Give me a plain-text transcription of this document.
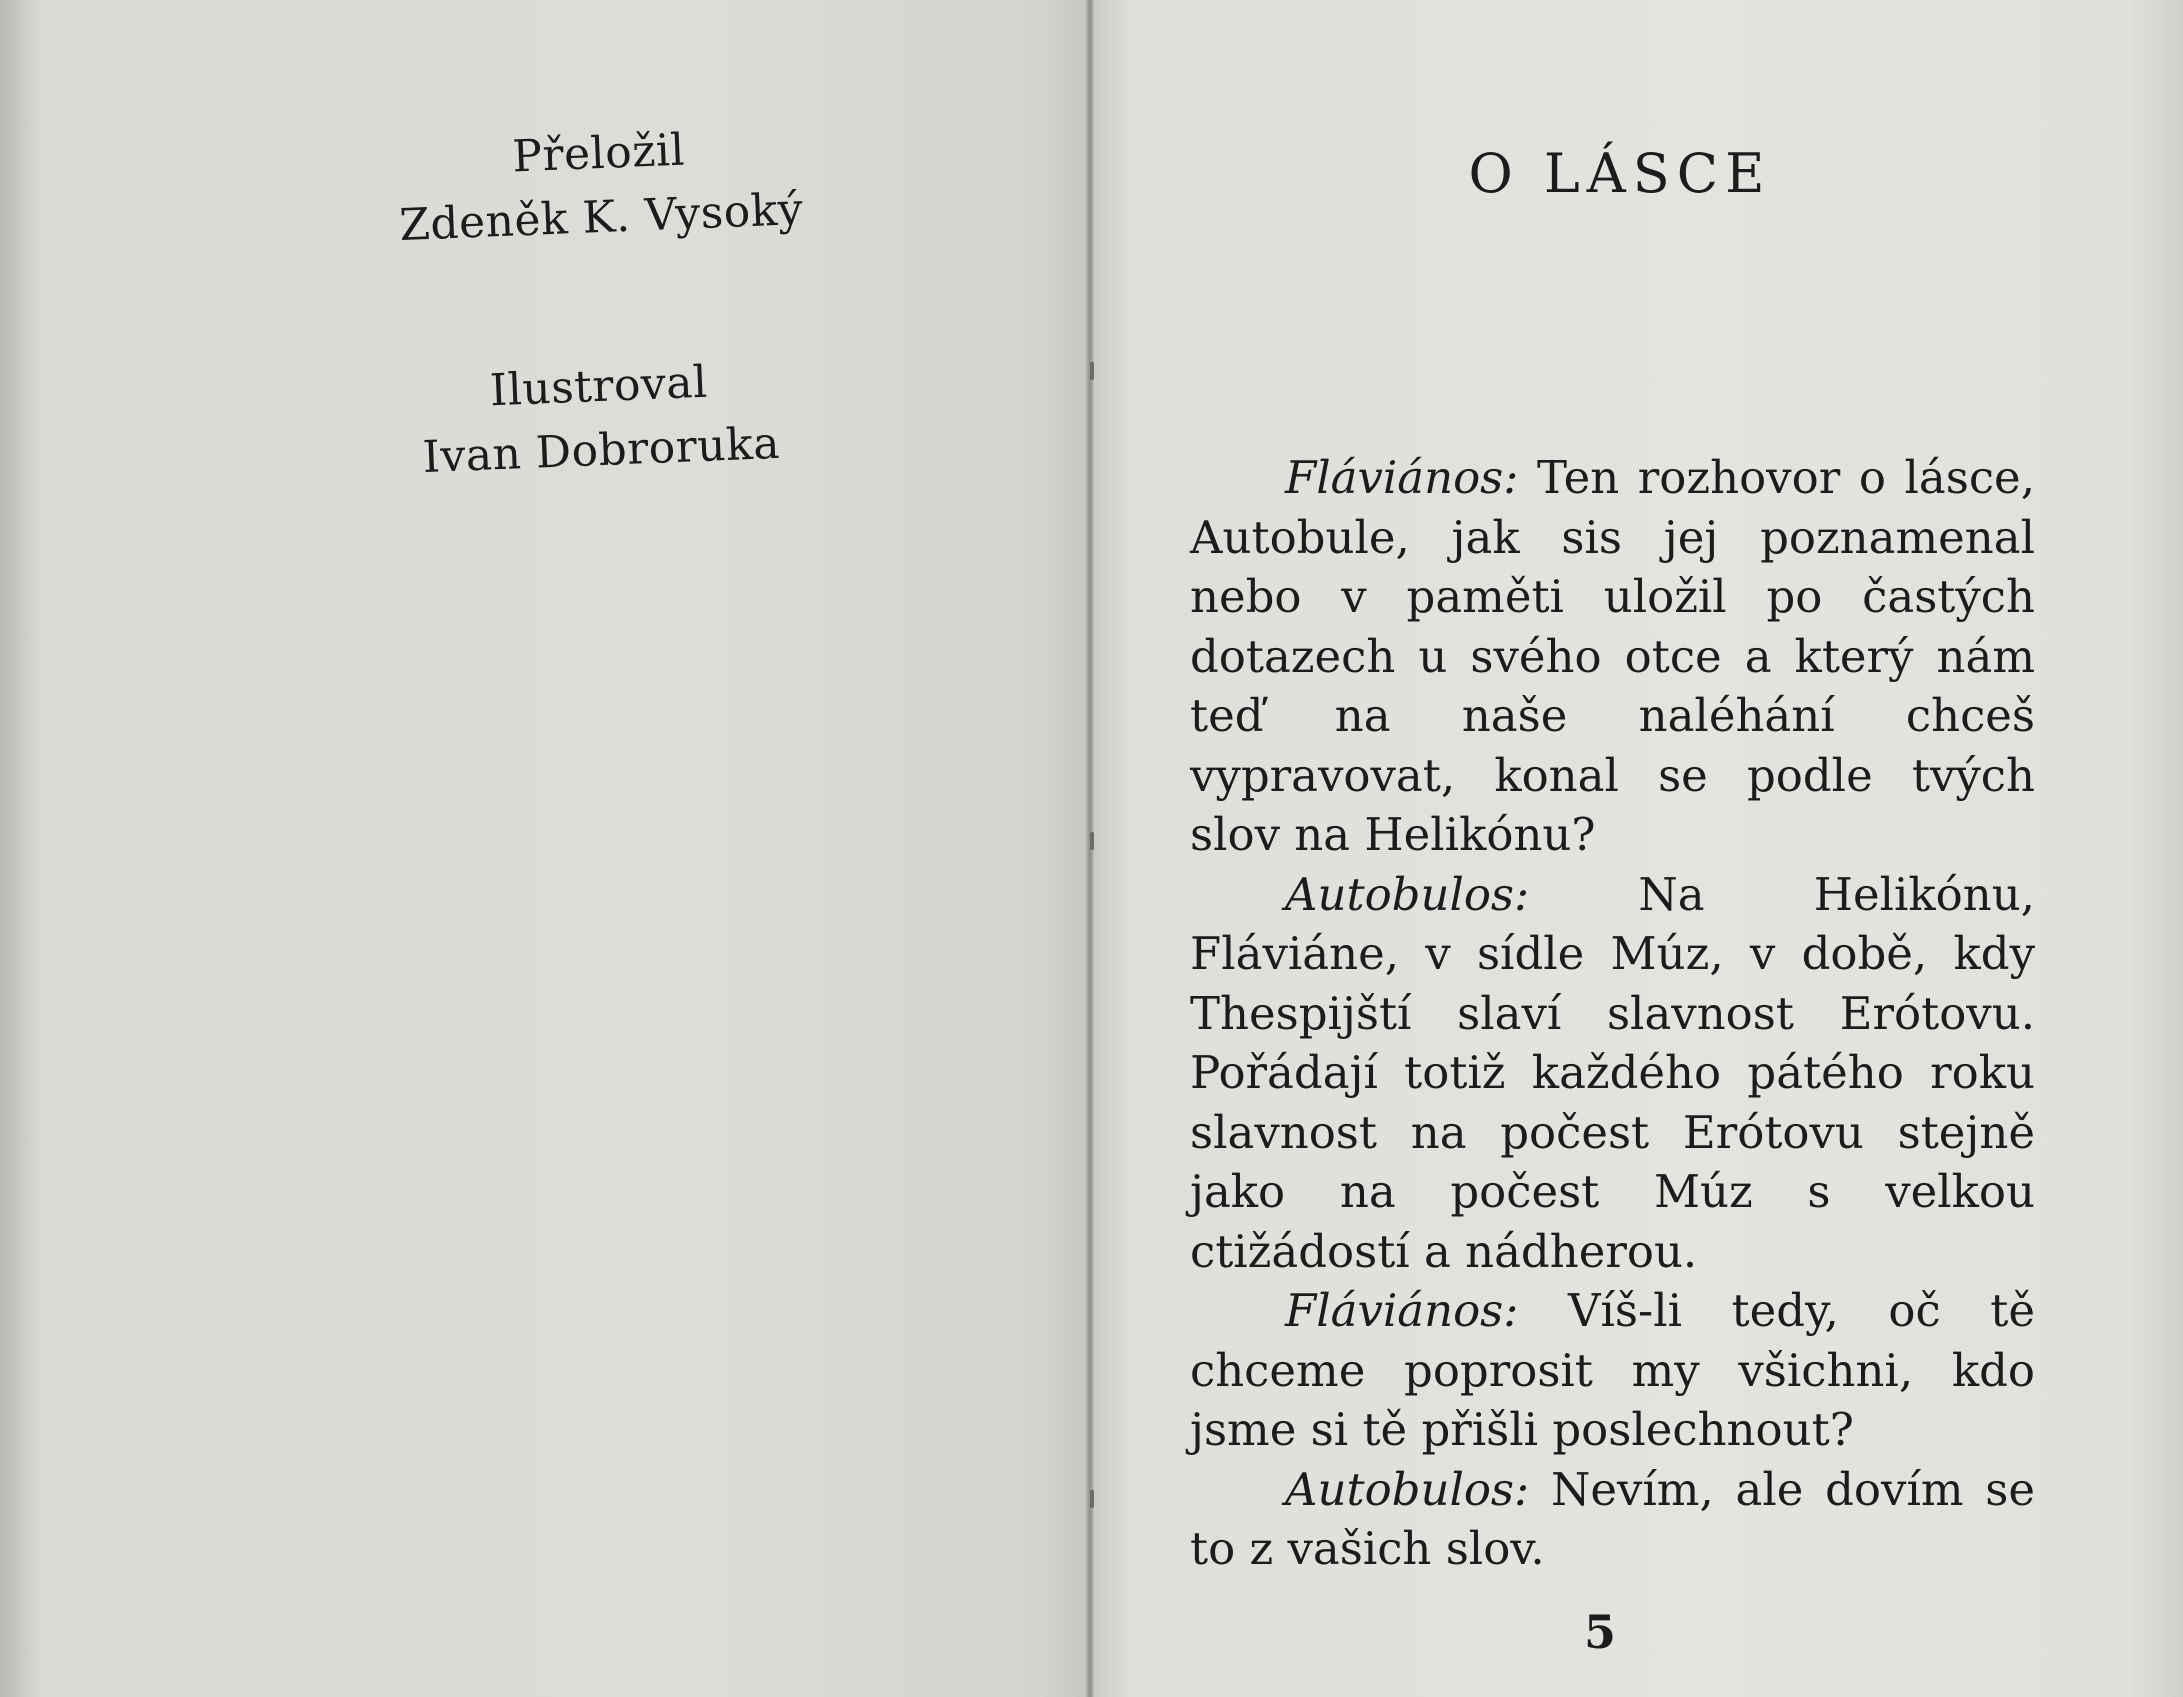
Přeložil
Zdeněk K. Vysoký
Ilustroval
Ivan Dobroruka
O LÁSCE

Fláviános: Ten rozhovor o lásce, Autobule, jak sis jej poznamenal nebo v paměti uložil po častých dotazech u svého otce a který nám teď na naše naléhání chceš vypravovat, konal se podle tvých slov na Helikónu?

Autobulos: Na Helikónu, Fláviáne, v sídle Múz, v době, kdy Thespijští slaví slavnost Erótovu. Pořádají totiž každého pátého roku slavnost na počest Erótovu stejně jako na počest Múz s velkou ctižádostí a nádherou.

Fláviános: Víš-li tedy, oč tě chceme poprosit my všichni, kdo jsme si tě přišli poslechnout?

Autobulos: Nevím, ale dovím se to z vašich slov.

5
